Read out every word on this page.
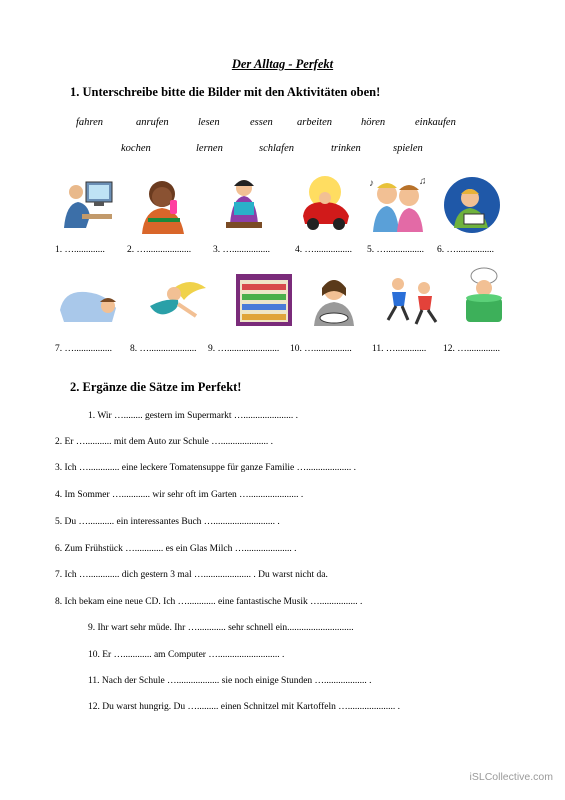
Der Alltag - Perfekt
1. Unterschreibe bitte die Bilder mit den Aktivitäten oben!
fahren	anrufen	lesen	essen arbeiten	hören	einkaufen
kochen	lernen	schlafen	trinken	spielen
♪	♫
1. …............. 2. …................... 3. …................	4. …................ 5. …................ 6. …................
7. …................ 8. ….................... 9. …...................... 10. …................ 11. …............. 12. …..............
2. Ergänze die Sätze im Perfekt!
1. Wir …........ gestern im Supermarkt …..................... .
2. Er …........... mit dem Auto zur Schule ….................... .
3. Ich …............. eine leckere Tomatensuppe für ganze Familie …................... .
4. Im Sommer …............ wir sehr oft im Garten …..................... .
5. Du …........... ein interessantes Buch ….......................... .
6. Zum Frühstück …............ es ein Glas Milch ….................... .
7. Ich …............. dich gestern 3 mal ….................... . Du warst nicht da.
8. Ich bekam eine neue CD. Ich …............ eine fantastische Musik …................ .
9. Ihr wart sehr müde. Ihr …............ sehr schnell ein............................
10. Er …............ am Computer ….......................... .
11. Nach der Schule ….................. sie noch einige Stunden ….................. .
12. Du warst hungrig. Du …......... einen Schnitzel mit Kartoffeln ….................... .
iSLCollective.com
